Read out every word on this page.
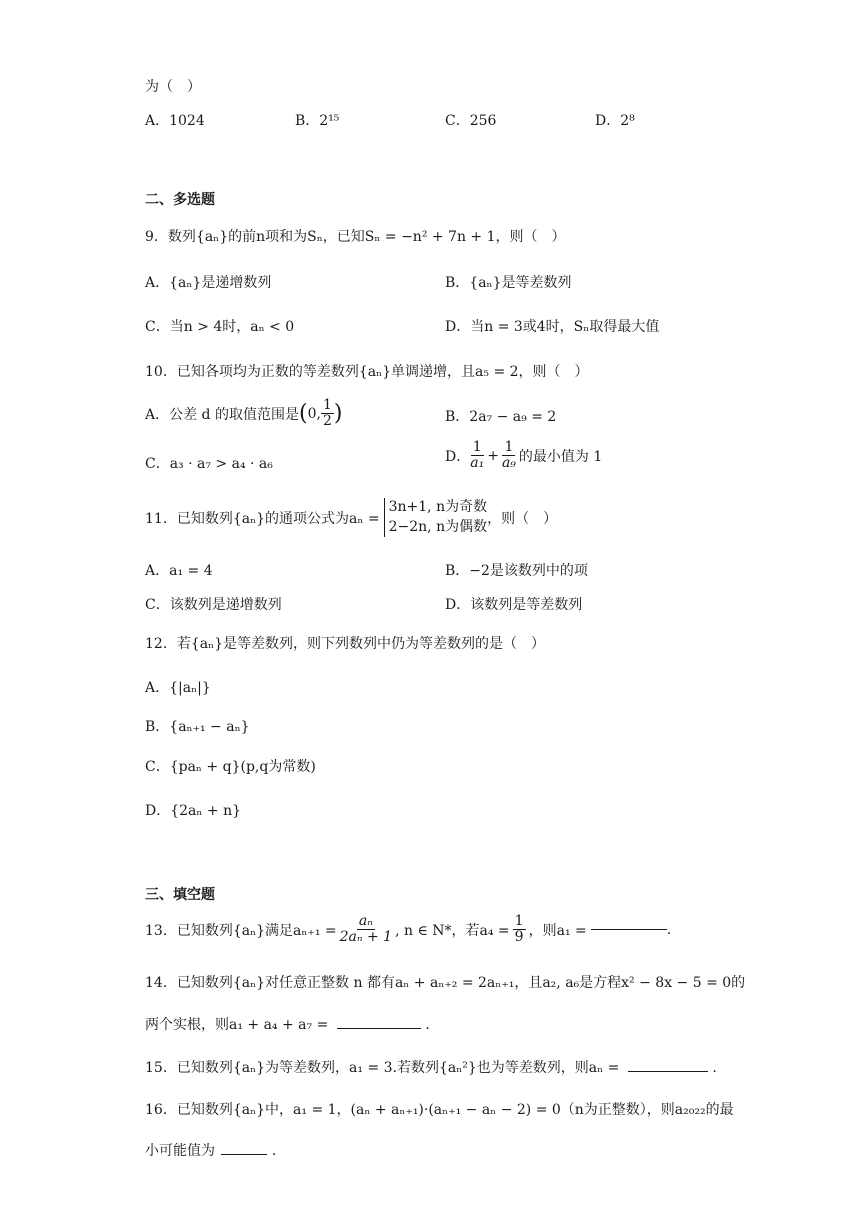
为（　）
A．1024	B．2¹⁵	C．256	D．2⁸
二、多选题
9．数列{aₙ}的前n项和为Sₙ，已知Sₙ = −n² + 7n + 1，则（　）
A．{aₙ}是递增数列	B．{aₙ}是等差数列
C．当n > 4时，aₙ < 0	D．当n = 3或4时，Sₙ取得最大值
10．已知各项均为正数的等差数列{aₙ}单调递增，且a₅ = 2，则（　）
A．公差 d 的取值范围是 ( 0, $\frac{1}{2}$ )	B．2a₇ − a₉ = 2
C．a₃ · a₇ > a₄ · a₆	D． $\frac{1}{\text{a₁}} + \frac{1}{\text{a₉}}$ 的最小值为 1
11．已知数列{aₙ}的通项公式为aₙ =
3n+1, n为奇数
2−2n, n为偶数 ，则（　）
A．a₁ = 4	B．−2是该数列中的项
C．该数列是递增数列	D．该数列是等差数列
12．若{aₙ}是等差数列，则下列数列中仍为等差数列的是（　）
A．{|aₙ|}
B．{aₙ₊₁ − aₙ}
C．{paₙ + q}(p,q为常数)
D．{2aₙ + n}
三、填空题
13．已知数列{aₙ}满足$a_{n+1} = \frac{\text{aₙ}}{\text{2aₙ + 1}}$ , n ∈ N*，若$a_4 = \frac{1}{9}$ ，则a₁ =	.
14．已知数列{aₙ}对任意正整数 n 都有aₙ + aₙ₊₂ = 2aₙ₊₁，且a₂, a₆是方程x² − 8x − 5 = 0的
两个实根，则a₁ + a₄ + a₇ =	.
15．已知数列{aₙ}为等差数列，a₁ = 3.若数列{aₙ²}也为等差数列，则aₙ =	.
16．已知数列{aₙ}中，a₁ = 1，(aₙ + aₙ₊₁)·(aₙ₊₁ − aₙ − 2) = 0（n为正整数），则a₂₀₂₂的最
小可能值为	.
